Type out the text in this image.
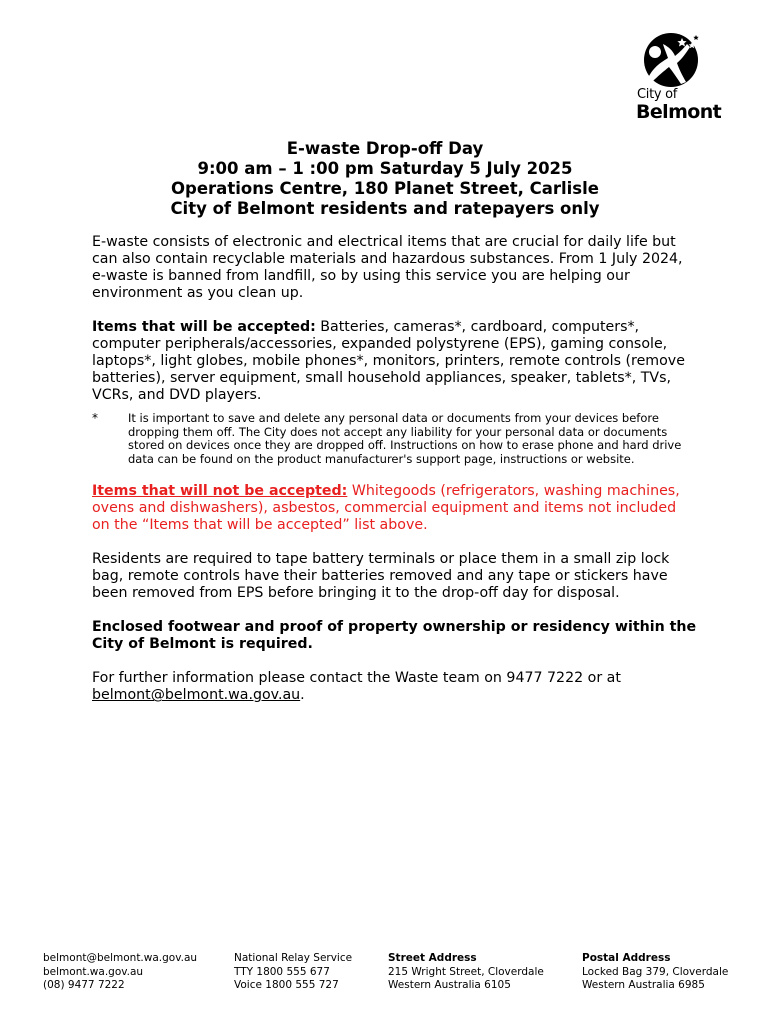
City of
Belmont
E-waste Drop-off Day
9:00 am – 1 :00 pm Saturday 5 July 2025
Operations Centre, 180 Planet Street, Carlisle
City of Belmont residents and ratepayers only

E-waste consists of electronic and electrical items that are crucial for daily life but can also contain recyclable materials and hazardous substances. From 1 July 2024, e-waste is banned from landfill, so by using this service you are helping our environment as you clean up.

Items that will be accepted: Batteries, cameras*, cardboard, computers*, computer peripherals/accessories, expanded polystyrene (EPS), gaming console, laptops*, light globes, mobile phones*, monitors, printers, remote controls (remove batteries), server equipment, small household appliances, speaker, tablets*, TVs, VCRs, and DVD players.

*	It is important to save and delete any personal data or documents from your devices before dropping them off. The City does not accept any liability for your personal data or documents stored on devices once they are dropped off. Instructions on how to erase phone and hard drive data can be found on the product manufacturer's support page, instructions or website.

Items that will not be accepted: Whitegoods (refrigerators, washing machines, ovens and dishwashers), asbestos, commercial equipment and items not included on the “Items that will be accepted” list above.

Residents are required to tape battery terminals or place them in a small zip lock bag, remote controls have their batteries removed and any tape or stickers have been removed from EPS before bringing it to the drop-off day for disposal.

Enclosed footwear and proof of property ownership or residency within the City of Belmont is required.

For further information please contact the Waste team on 9477 7222 or at belmont@belmont.wa.gov.au.

belmont@belmont.wa.gov.au
belmont.wa.gov.au
(08) 9477 7222
National Relay Service
TTY 1800 555 677
Voice 1800 555 727
Street Address
215 Wright Street, Cloverdale
Western Australia 6105
Postal Address
Locked Bag 379, Cloverdale
Western Australia 6985
